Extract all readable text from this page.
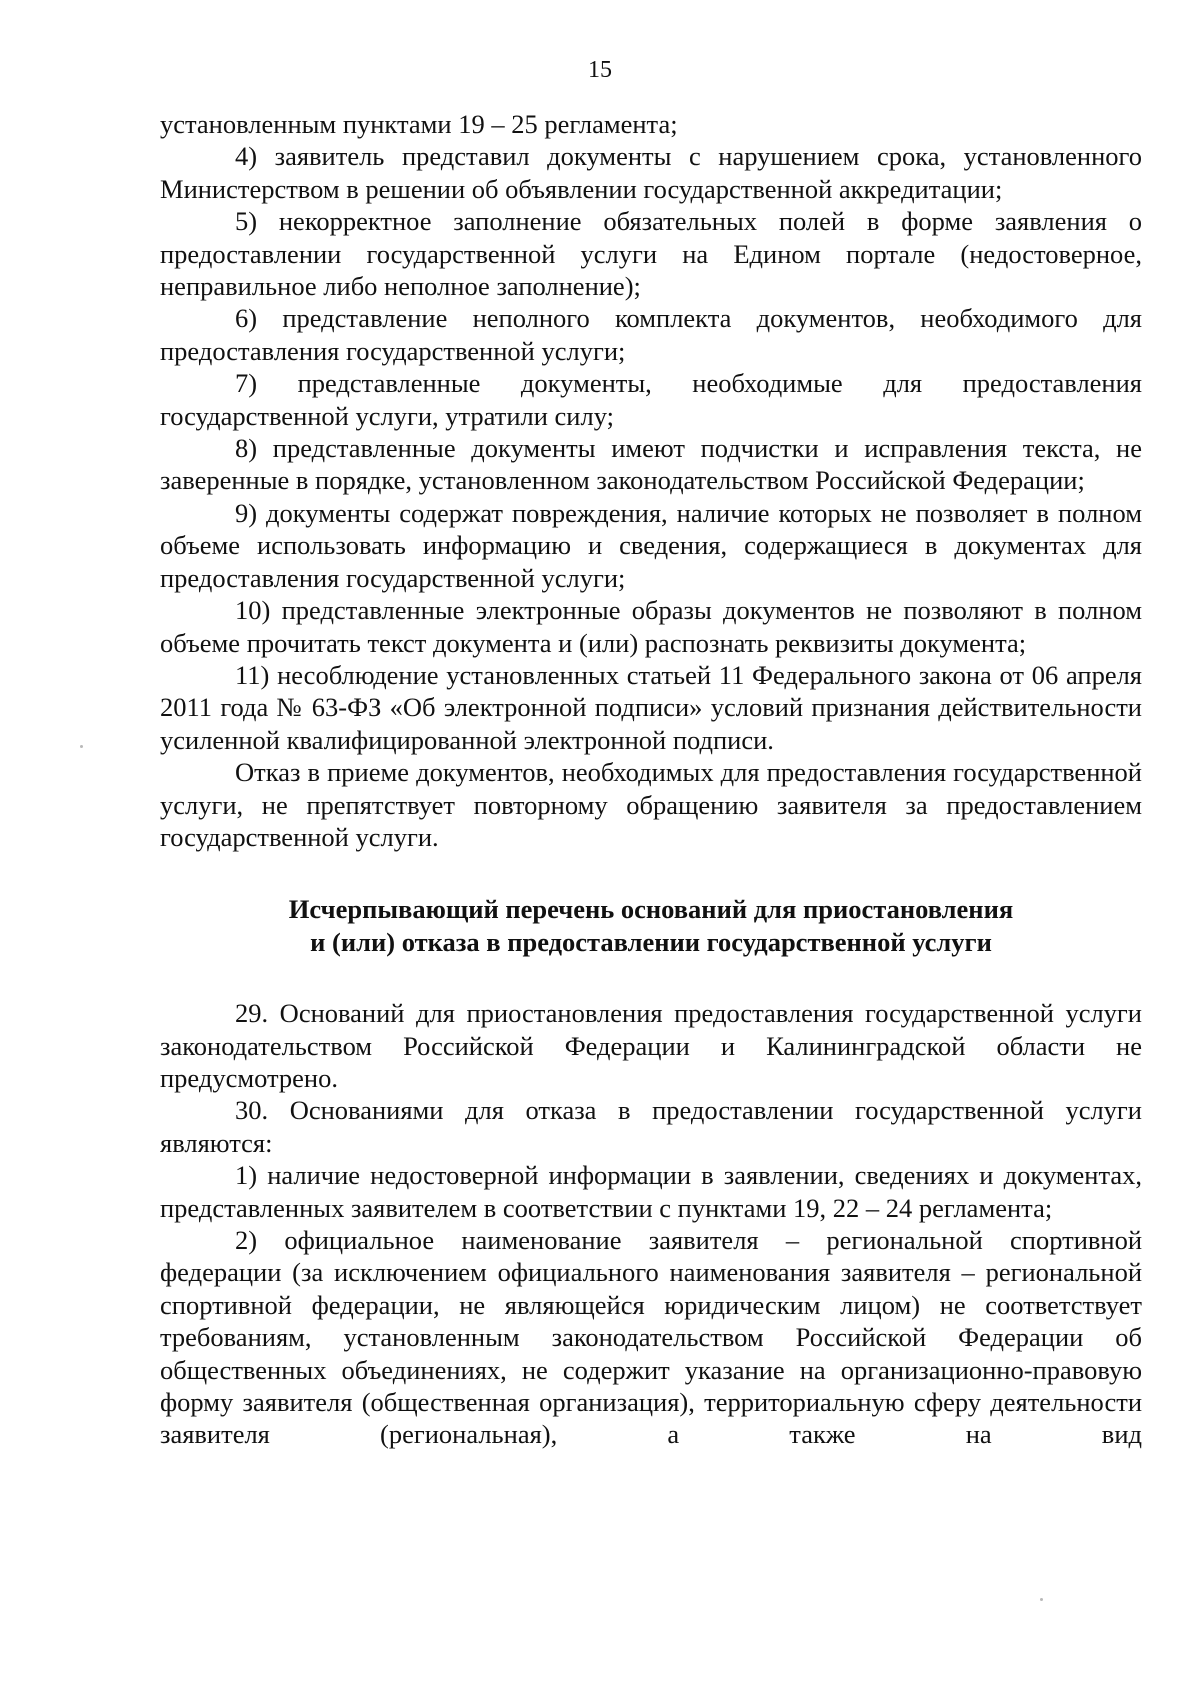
15

установленным пунктами 19 – 25 регламента;

4) заявитель представил документы с нарушением срока, установленного Министерством в решении об объявлении государственной аккредитации;

5) некорректное заполнение обязательных полей в форме заявления о предоставлении государственной услуги на Едином портале (недостоверное, неправильное либо неполное заполнение);

6) представление неполного комплекта документов, необходимого для предоставления государственной услуги;

7) представленные документы, необходимые для предоставления государственной услуги, утратили силу;

8) представленные документы имеют подчистки и исправления текста, не заверенные в порядке, установленном законодательством Российской Федерации;

9) документы содержат повреждения, наличие которых не позволяет в полном объеме использовать информацию и сведения, содержащиеся в документах для предоставления государственной услуги;

10) представленные электронные образы документов не позволяют в полном объеме прочитать текст документа и (или) распознать реквизиты документа;

11) несоблюдение установленных статьей 11 Федерального закона от 06 апреля 2011 года № 63-ФЗ «Об электронной подписи» условий признания действительности усиленной квалифицированной электронной подписи.

Отказ в приеме документов, необходимых для предоставления государственной услуги, не препятствует повторному обращению заявителя за предоставлением государственной услуги.

Исчерпывающий перечень оснований для приостановления
и (или) отказа в предоставлении государственной услуги

29. Оснований для приостановления предоставления государственной услуги законодательством Российской Федерации и Калининградской области не предусмотрено.

30. Основаниями для отказа в предоставлении государственной услуги являются:

1) наличие недостоверной информации в заявлении, сведениях и документах, представленных заявителем в соответствии с пунктами 19, 22 – 24 регламента;

2) официальное наименование заявителя – региональной спортивной федерации (за исключением официального наименования заявителя – региональной спортивной федерации, не являющейся юридическим лицом) не соответствует требованиям, установленным законодательством Российской Федерации об общественных объединениях, не содержит указание на организационно-правовую форму заявителя (общественная организация), территориальную сферу деятельности заявителя (региональная), а также на вид
